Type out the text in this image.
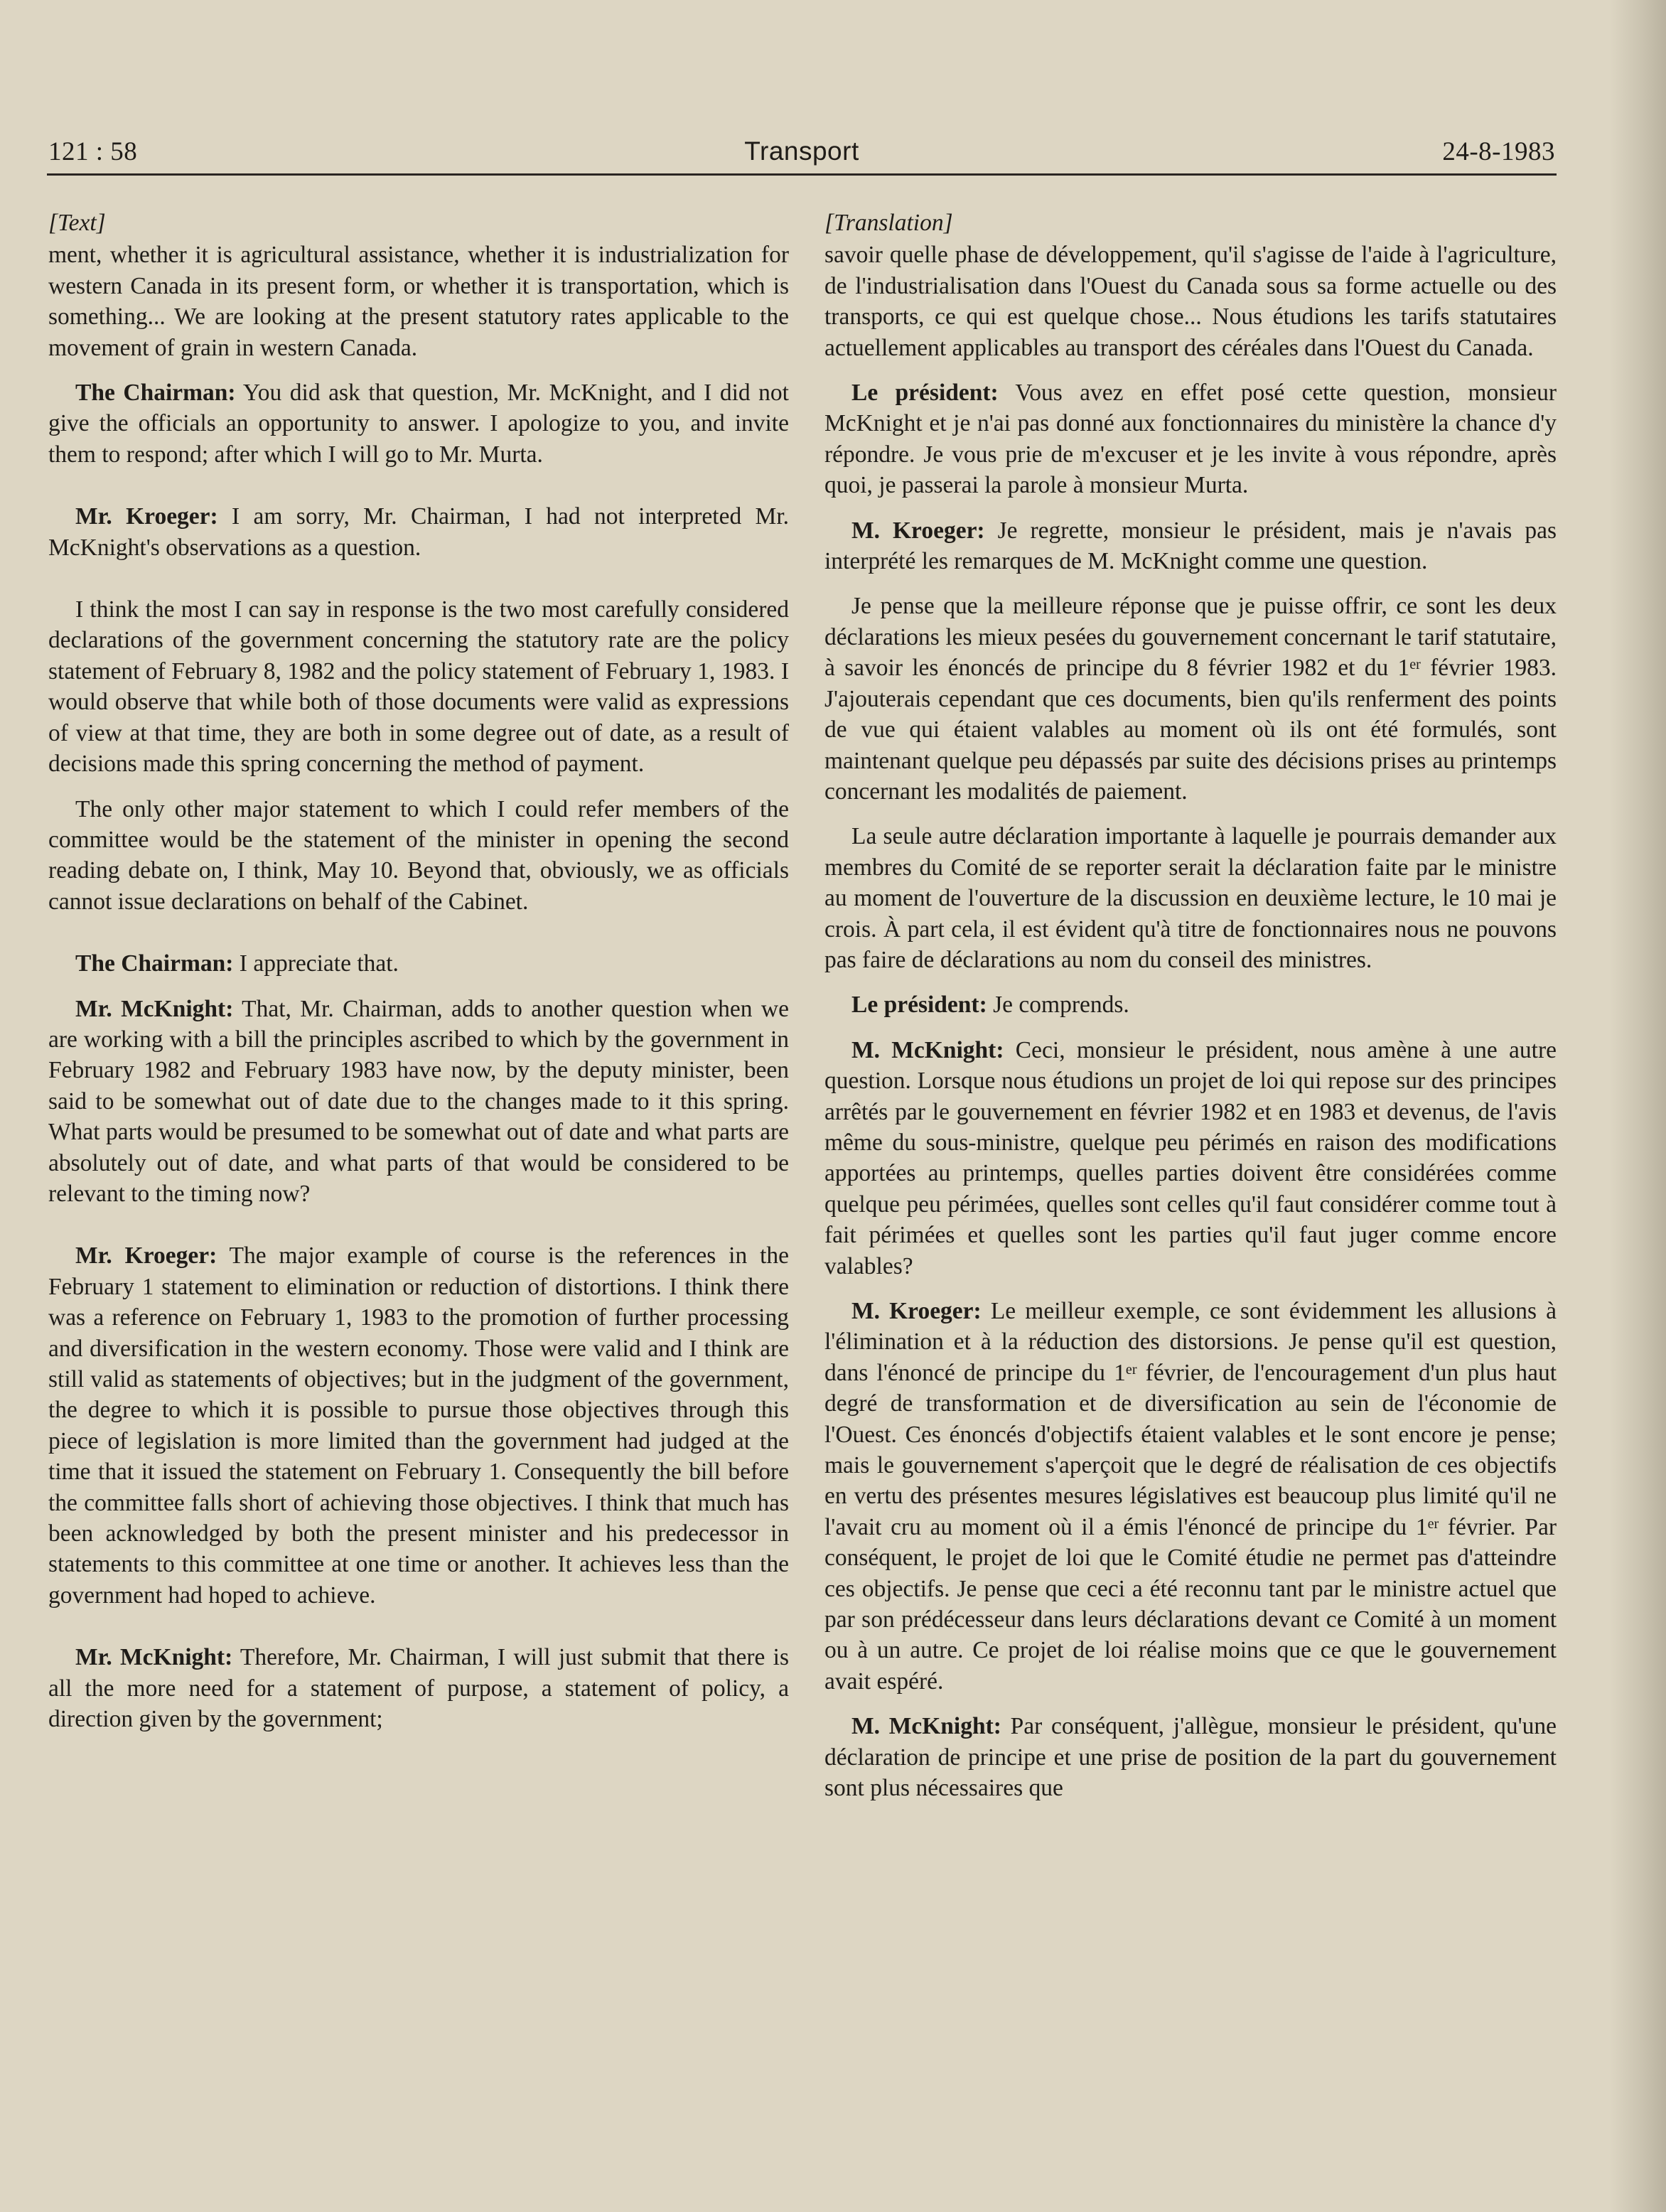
Transport
121 : 58	24-8-1983
[Text]

ment, whether it is agricultural assistance, whether it is industrialization for western Canada in its present form, or whether it is transportation, which is something... We are looking at the present statutory rates applicable to the movement of grain in western Canada.

The Chairman: You did ask that question, Mr. McKnight, and I did not give the officials an opportunity to answer. I apologize to you, and invite them to respond; after which I will go to Mr. Murta.

Mr. Kroeger: I am sorry, Mr. Chairman, I had not interpreted Mr. McKnight's observations as a question.

I think the most I can say in response is the two most carefully considered declarations of the government concerning the statutory rate are the policy statement of February 8, 1982 and the policy statement of February 1, 1983. I would observe that while both of those documents were valid as expressions of view at that time, they are both in some degree out of date, as a result of decisions made this spring concerning the method of payment.

The only other major statement to which I could refer members of the committee would be the statement of the minister in opening the second reading debate on, I think, May 10. Beyond that, obviously, we as officials cannot issue declarations on behalf of the Cabinet.

The Chairman: I appreciate that.

Mr. McKnight: That, Mr. Chairman, adds to another question when we are working with a bill the principles ascribed to which by the government in February 1982 and February 1983 have now, by the deputy minister, been said to be somewhat out of date due to the changes made to it this spring. What parts would be presumed to be somewhat out of date and what parts are absolutely out of date, and what parts of that would be considered to be relevant to the timing now?

Mr. Kroeger: The major example of course is the references in the February 1 statement to elimination or reduction of distortions. I think there was a reference on February 1, 1983 to the promotion of further processing and diversification in the western economy. Those were valid and I think are still valid as statements of objectives; but in the judgment of the government, the degree to which it is possible to pursue those objectives through this piece of legislation is more limited than the government had judged at the time that it issued the statement on February 1. Consequently the bill before the committee falls short of achieving those objectives. I think that much has been acknowledged by both the present minister and his predecessor in statements to this committee at one time or another. It achieves less than the government had hoped to achieve.

Mr. McKnight: Therefore, Mr. Chairman, I will just submit that there is all the more need for a statement of purpose, a statement of policy, a direction given by the government;

[Translation]

savoir quelle phase de développement, qu'il s'agisse de l'aide à l'agriculture, de l'industrialisation dans l'Ouest du Canada sous sa forme actuelle ou des transports, ce qui est quelque chose... Nous étudions les tarifs statutaires actuellement applicables au transport des céréales dans l'Ouest du Canada.

Le président: Vous avez en effet posé cette question, monsieur McKnight et je n'ai pas donné aux fonctionnaires du ministère la chance d'y répondre. Je vous prie de m'excuser et je les invite à vous répondre, après quoi, je passerai la parole à monsieur Murta.

M. Kroeger: Je regrette, monsieur le président, mais je n'avais pas interprété les remarques de M. McKnight comme une question.

Je pense que la meilleure réponse que je puisse offrir, ce sont les deux déclarations les mieux pesées du gouvernement concernant le tarif statutaire, à savoir les énoncés de principe du 8 février 1982 et du 1er février 1983. J'ajouterais cependant que ces documents, bien qu'ils renferment des points de vue qui étaient valables au moment où ils ont été formulés, sont maintenant quelque peu dépassés par suite des décisions prises au printemps concernant les modalités de paiement.

La seule autre déclaration importante à laquelle je pourrais demander aux membres du Comité de se reporter serait la déclaration faite par le ministre au moment de l'ouverture de la discussion en deuxième lecture, le 10 mai je crois. À part cela, il est évident qu'à titre de fonctionnaires nous ne pouvons pas faire de déclarations au nom du conseil des ministres.

Le président: Je comprends.

M. McKnight: Ceci, monsieur le président, nous amène à une autre question. Lorsque nous étudions un projet de loi qui repose sur des principes arrêtés par le gouvernement en février 1982 et en 1983 et devenus, de l'avis même du sous-ministre, quelque peu périmés en raison des modifications apportées au printemps, quelles parties doivent être considérées comme quelque peu périmées, quelles sont celles qu'il faut considérer comme tout à fait périmées et quelles sont les parties qu'il faut juger comme encore valables?

M. Kroeger: Le meilleur exemple, ce sont évidemment les allusions à l'élimination et à la réduction des distorsions. Je pense qu'il est question, dans l'énoncé de principe du 1er février, de l'encouragement d'un plus haut degré de transformation et de diversification au sein de l'économie de l'Ouest. Ces énoncés d'objectifs étaient valables et le sont encore je pense; mais le gouvernement s'aperçoit que le degré de réalisation de ces objectifs en vertu des présentes mesures législatives est beaucoup plus limité qu'il ne l'avait cru au moment où il a émis l'énoncé de principe du 1er février. Par conséquent, le projet de loi que le Comité étudie ne permet pas d'atteindre ces objectifs. Je pense que ceci a été reconnu tant par le ministre actuel que par son prédécesseur dans leurs déclarations devant ce Comité à un moment ou à un autre. Ce projet de loi réalise moins que ce que le gouvernement avait espéré.

M. McKnight: Par conséquent, j'allègue, monsieur le président, qu'une déclaration de principe et une prise de position de la part du gouvernement sont plus nécessaires que
